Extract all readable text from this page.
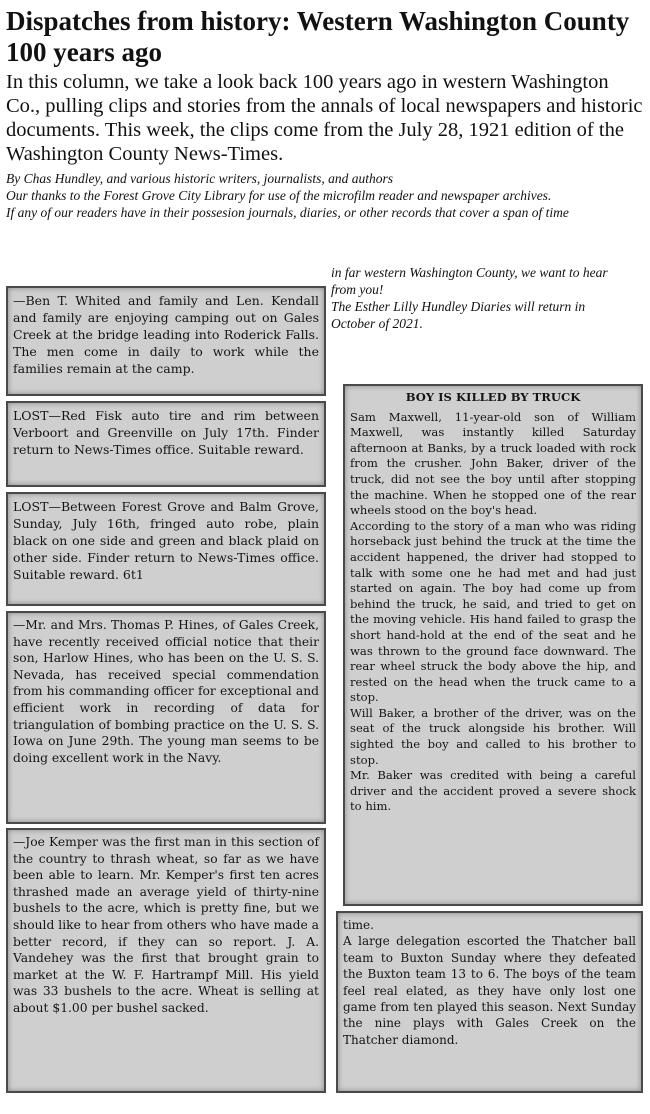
Dispatches from history: Western Washington County 100 years ago

In this column, we take a look back 100 years ago in western Washington Co., pulling clips and stories from the annals of local newspapers and historic documents. This week, the clips come from the July 28, 1921 edition of the Washington County News-Times.

By Chas Hundley, and various historic writers, journalists, and authors

Our thanks to the Forest Grove City Library for use of the microfilm reader and newspaper archives.

If any of our readers have in their possesion journals, diaries, or other records that cover a span of time

in far western Washington County, we want to hear from you!
The Esther Lilly Hundley Diaries will return in October of 2021.

—Ben T. Whited and family and Len. Kendall and family are enjoying camping out on Gales Creek at the bridge leading into Roderick Falls. The men come in daily to work while the families remain at the camp.

LOST—Red Fisk auto tire and rim between Verboort and Greenville on July 17th. Finder return to News-Times office. Suitable reward.

LOST—Between Forest Grove and Balm Grove, Sunday, July 16th, fringed auto robe, plain black on one side and green and black plaid on other side. Finder return to News-Times office. Suitable reward. 6t1

—Mr. and Mrs. Thomas P. Hines, of Gales Creek, have recently received official notice that their son, Harlow Hines, who has been on the U. S. S. Nevada, has received special commendation from his commanding officer for exceptional and efficient work in recording of data for triangulation of bombing practice on the U. S. S. Iowa on June 29th. The young man seems to be doing excellent work in the Navy.

—Joe Kemper was the first man in this section of the country to thrash wheat, so far as we have been able to learn. Mr. Kemper's first ten acres thrashed made an average yield of thirty-nine bushels to the acre, which is pretty fine, but we should like to hear from others who have made a better record, if they can so report. J. A. Vandehey was the first that brought grain to market at the W. F. Hartrampf Mill. His yield was 33 bushels to the acre. Wheat is selling at about $1.00 per bushel sacked.

BOY IS KILLED BY TRUCK

Sam Maxwell, 11-year-old son of William Maxwell, was instantly killed Saturday afternoon at Banks, by a truck loaded with rock from the crusher. John Baker, driver of the truck, did not see the boy until after stopping the machine. When he stopped one of the rear wheels stood on the boy's head.

According to the story of a man who was riding horseback just behind the truck at the time the accident happened, the driver had stopped to talk with some one he had met and had just started on again. The boy had come up from behind the truck, he said, and tried to get on the moving vehicle. His hand failed to grasp the short hand-hold at the end of the seat and he was thrown to the ground face downward. The rear wheel struck the body above the hip, and rested on the head when the truck came to a stop.

Will Baker, a brother of the driver, was on the seat of the truck alongside his brother. Will sighted the boy and called to his brother to stop.

Mr. Baker was credited with being a careful driver and the accident proved a severe shock to him.

time.

A large delegation escorted the Thatcher ball team to Buxton Sunday where they defeated the Buxton team 13 to 6. The boys of the team feel real elated, as they have only lost one game from ten played this season. Next Sunday the nine plays with Gales Creek on the Thatcher diamond.
